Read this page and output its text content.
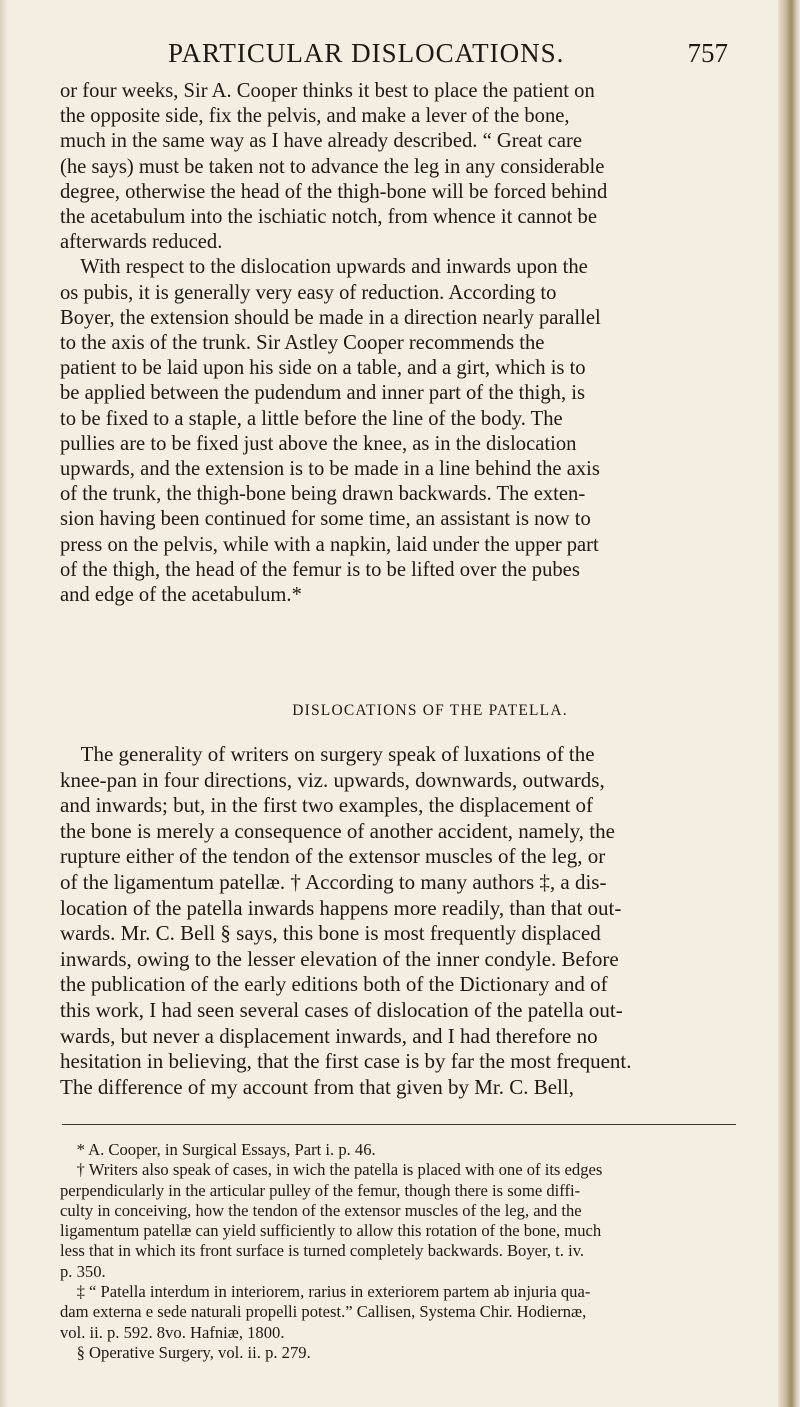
PARTICULAR DISLOCATIONS.	757

or four weeks, Sir A. Cooper thinks it best to place the patient on

the opposite side, fix the pelvis, and make a lever of the bone,

much in the same way as I have already described. “ Great care

(he says) must be taken not to advance the leg in any considerable

degree, otherwise the head of the thigh-bone will be forced behind

the acetabulum into the ischiatic notch, from whence it cannot be

afterwards reduced.

With respect to the dislocation upwards and inwards upon the

os pubis, it is generally very easy of reduction. According to

Boyer, the extension should be made in a direction nearly parallel

to the axis of the trunk. Sir Astley Cooper recommends the

patient to be laid upon his side on a table, and a girt, which is to

be applied between the pudendum and inner part of the thigh, is

to be fixed to a staple, a little before the line of the body. The

pullies are to be fixed just above the knee, as in the dislocation

upwards, and the extension is to be made in a line behind the axis

of the trunk, the thigh-bone being drawn backwards. The exten-

sion having been continued for some time, an assistant is now to

press on the pelvis, while with a napkin, laid under the upper part

of the thigh, the head of the femur is to be lifted over the pubes

and edge of the acetabulum.*

DISLOCATIONS OF THE PATELLA.

The generality of writers on surgery speak of luxations of the

knee-pan in four directions, viz. upwards, downwards, outwards,

and inwards; but, in the first two examples, the displacement of

the bone is merely a consequence of another accident, namely, the

rupture either of the tendon of the extensor muscles of the leg, or

of the ligamentum patellæ. † According to many authors ‡, a dis-

location of the patella inwards happens more readily, than that out-

wards. Mr. C. Bell § says, this bone is most frequently displaced

inwards, owing to the lesser elevation of the inner condyle. Before

the publication of the early editions both of the Dictionary and of

this work, I had seen several cases of dislocation of the patella out-

wards, but never a displacement inwards, and I had therefore no

hesitation in believing, that the first case is by far the most frequent.

The difference of my account from that given by Mr. C. Bell,

* A. Cooper, in Surgical Essays, Part i. p. 46.

† Writers also speak of cases, in wich the patella is placed with one of its edges

perpendicularly in the articular pulley of the femur, though there is some diffi-

culty in conceiving, how the tendon of the extensor muscles of the leg, and the

ligamentum patellæ can yield sufficiently to allow this rotation of the bone, much

less that in which its front surface is turned completely backwards. Boyer, t. iv.

p. 350.

‡ “ Patella interdum in interiorem, rarius in exteriorem partem ab injuria qua-

dam externa e sede naturali propelli potest.” Callisen, Systema Chir. Hodiernæ,

vol. ii. p. 592. 8vo. Hafniæ, 1800.

§ Operative Surgery, vol. ii. p. 279.
